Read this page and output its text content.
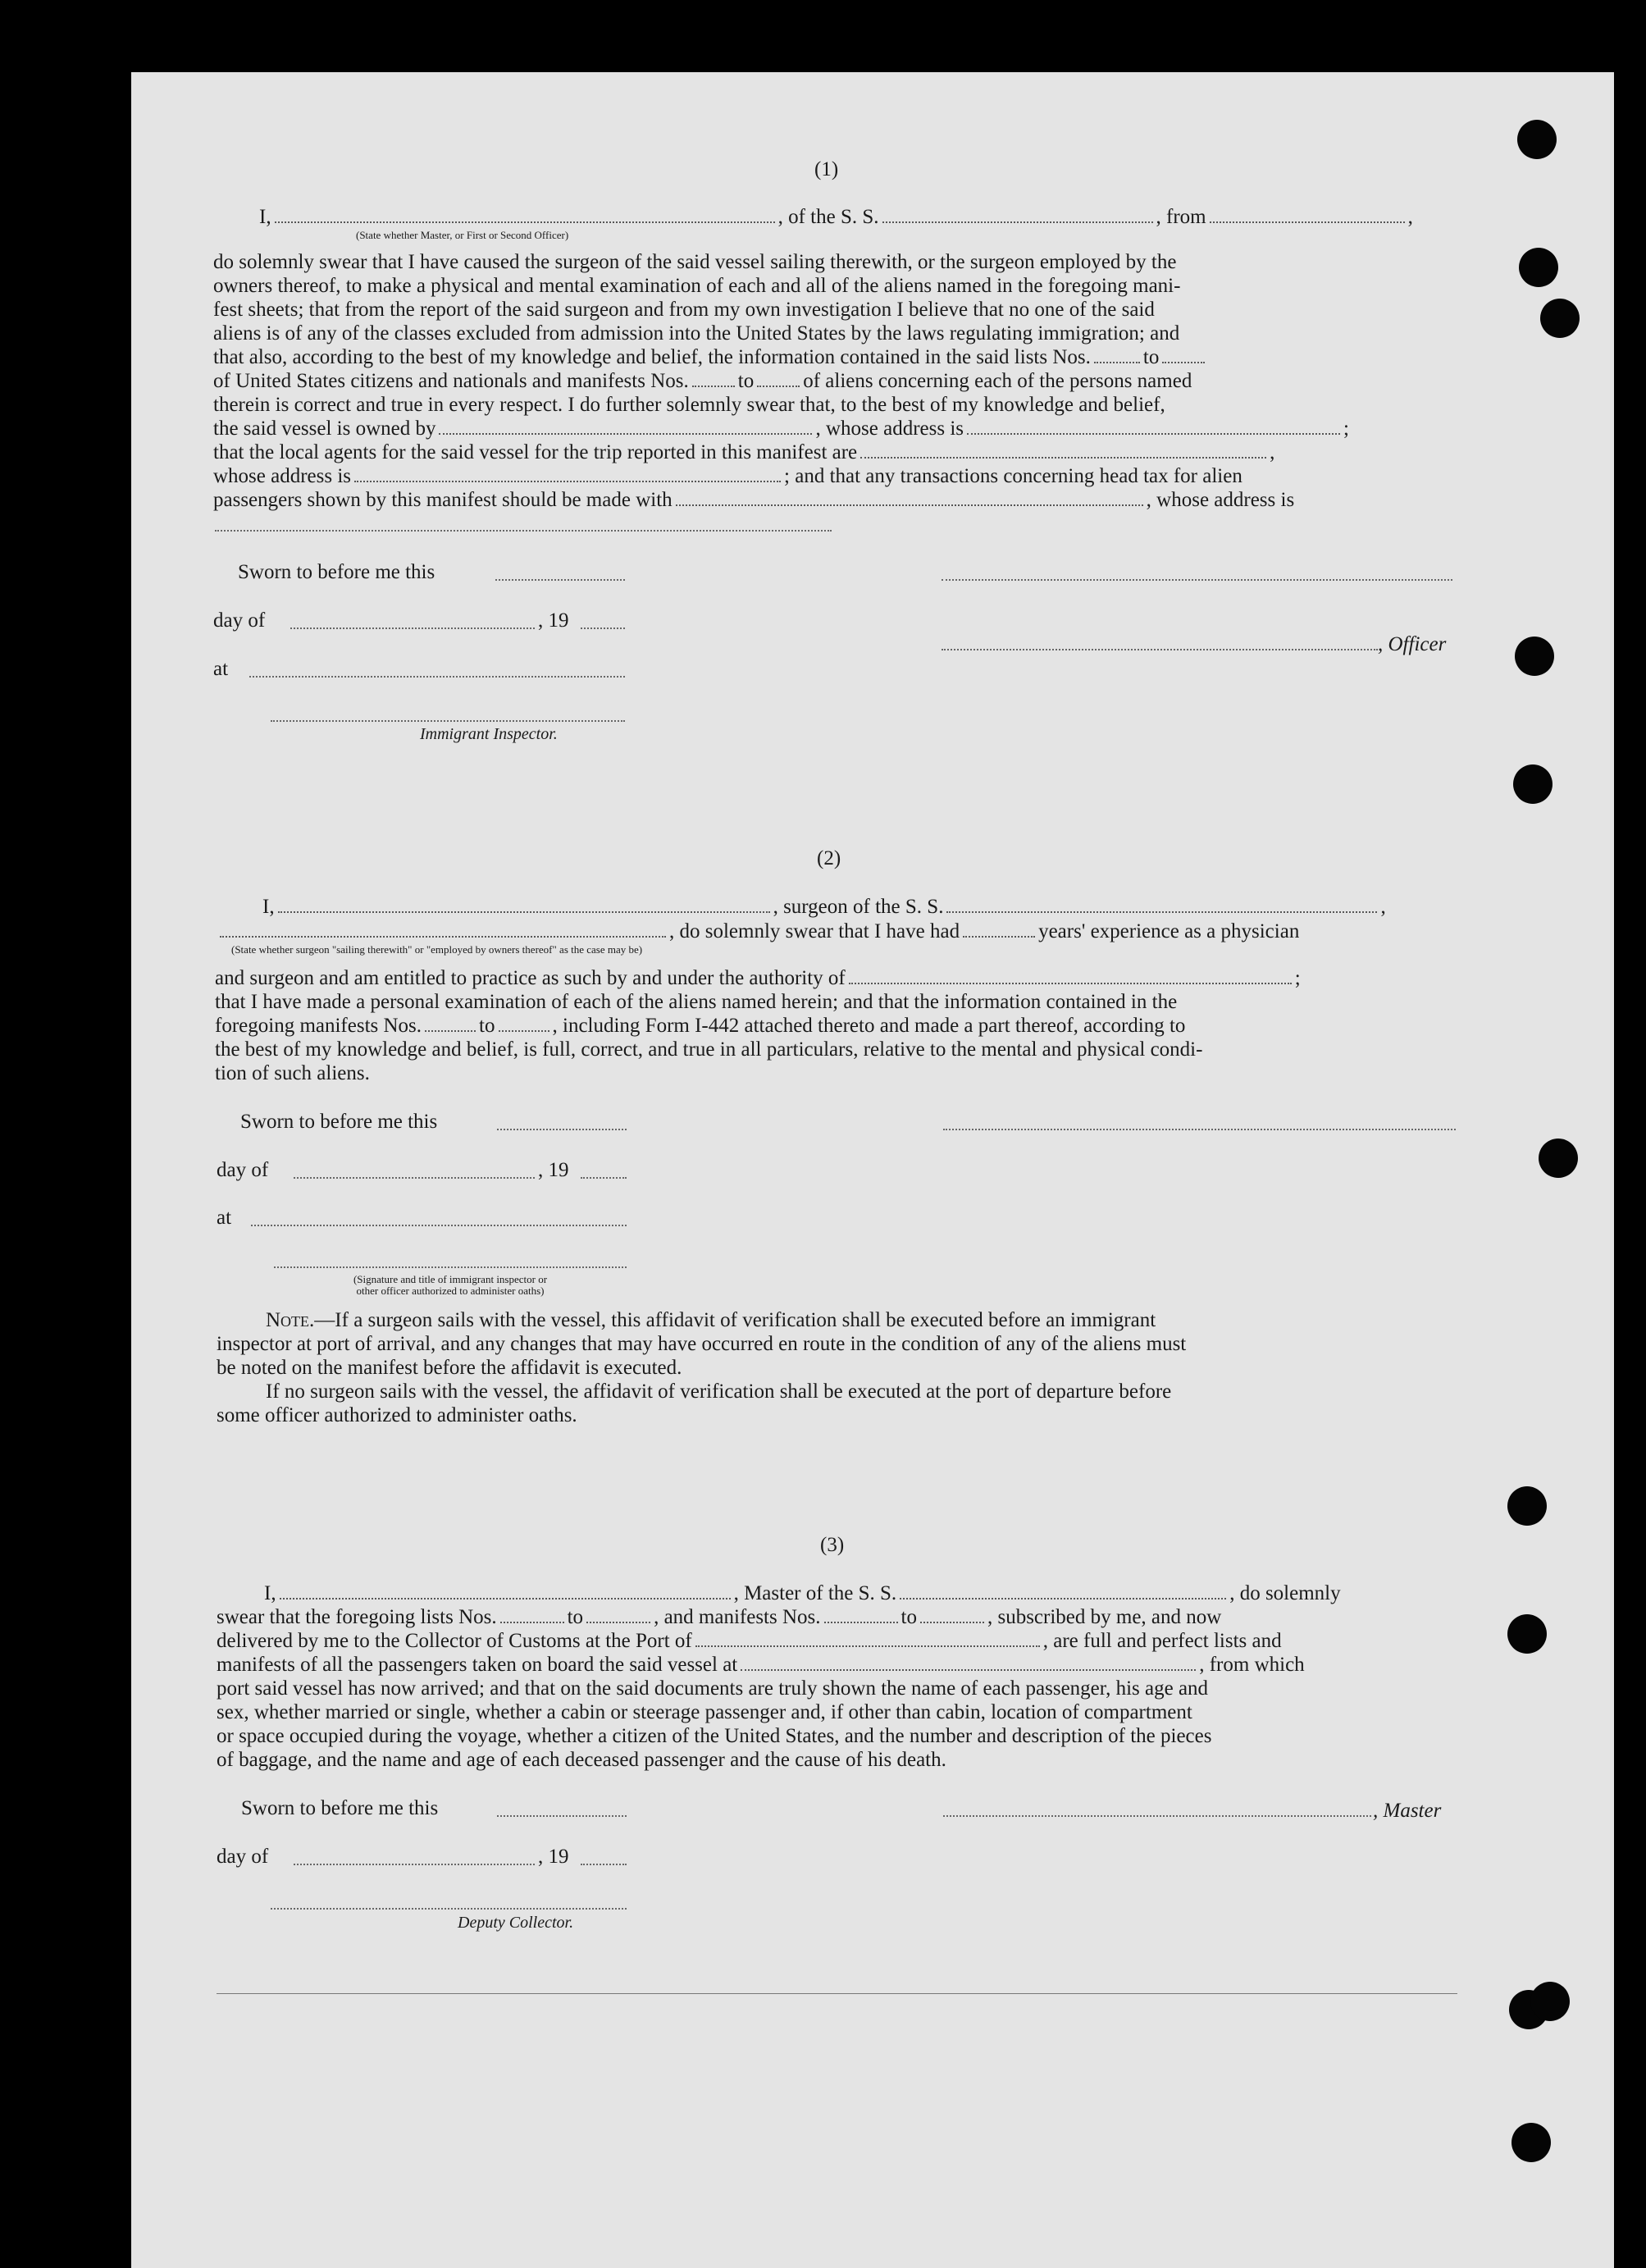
(1)
I,	, of the S. S.	, from	,
(State whether Master, or First or Second Officer)
do solemnly swear that I have caused the surgeon of the said vessel sailing therewith, or the surgeon employed by the
owners thereof, to make a physical and mental examination of each and all of the aliens named in the foregoing mani-
fest sheets; that from the report of the said surgeon and from my own investigation I believe that no one of the said
aliens is of any of the classes excluded from admission into the United States by the laws regulating immigration; and
that also, according to the best of my knowledge and belief, the information contained in the said lists Nos.	to
of United States citizens and nationals and manifests Nos. to of aliens concerning each of the persons named
therein is correct and true in every respect. I do further solemnly swear that, to the best of my knowledge and belief,
the said vessel is owned by	, whose address is	;
that the local agents for the said vessel for the trip reported in this manifest are	,
whose address is	; and that any transactions concerning head tax for alien
passengers shown by this manifest should be made with	, whose address is
Sworn to before me this
day of	, 19
, Officer
at
Immigrant Inspector.
(2)
I,	, surgeon of the S. S.	,
, do solemnly swear that I have had	years' experience as a physician
(State whether surgeon "sailing therewith" or "employed by owners thereof" as the case may be)
and surgeon and am entitled to practice as such by and under the authority of	;
that I have made a personal examination of each of the aliens named herein; and that the information contained in the
foregoing manifests Nos.	to	, including Form I-442 attached thereto and made a part thereof, according to
the best of my knowledge and belief, is full, correct, and true in all particulars, relative to the mental and physical condi-
tion of such aliens.
Sworn to before me this
day of	, 19
at
(Signature and title of immigrant inspector or
other officer authorized to administer oaths)
Note.—If a surgeon sails with the vessel, this affidavit of verification shall be executed before an immigrant
inspector at port of arrival, and any changes that may have occurred en route in the condition of any of the aliens must
be noted on the manifest before the affidavit is executed.
If no surgeon sails with the vessel, the affidavit of verification shall be executed at the port of departure before
some officer authorized to administer oaths.
(3)
I,	, Master of the S. S.	, do solemnly
swear that the foregoing lists Nos.	to	, and manifests Nos.	to	, subscribed by me, and now
delivered by me to the Collector of Customs at the Port of	, are full and perfect lists and
manifests of all the passengers taken on board the said vessel at	, from which
port said vessel has now arrived; and that on the said documents are truly shown the name of each passenger, his age and
sex, whether married or single, whether a cabin or steerage passenger and, if other than cabin, location of compartment
or space occupied during the voyage, whether a citizen of the United States, and the number and description of the pieces
of baggage, and the name and age of each deceased passenger and the cause of his death.
Sworn to before me this	, Master
day of	, 19
Deputy Collector.
